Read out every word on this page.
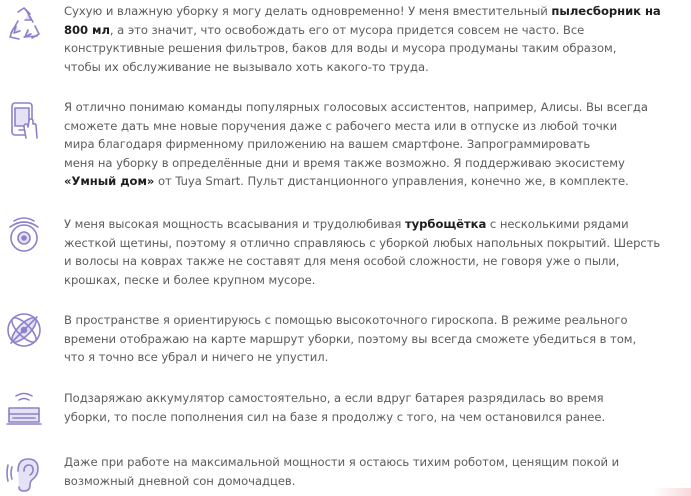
Сухую и влажную уборку я могу делать одновременно! У меня вместительный пылесборник на
800 мл, а это значит, что освобождать его от мусора придется совсем не часто. Все
конструктивные решения фильтров, баков для воды и мусора продуманы таким образом,
чтобы их обслуживание не вызывало хоть какого-то труда.
Я отлично понимаю команды популярных голосовых ассистентов, например, Алисы. Вы всегда
сможете дать мне новые поручения даже с рабочего места или в отпуске из любой точки
мира благодаря фирменному приложению на вашем смартфоне. Запрограммировать
меня на уборку в определённые дни и время также возможно. Я поддерживаю экосистему
«Умный дом» от Tuya Smart. Пульт дистанционного управления, конечно же, в комплекте.
У меня высокая мощность всасывания и трудолюбивая турбощётка с несколькими рядами
жесткой щетины, поэтому я отлично справляюсь с уборкой любых напольных покрытий. Шерсть
и волосы на коврах также не составят для меня особой сложности, не говоря уже о пыли,
крошках, песке и более крупном мусоре.
В пространстве я ориентируюсь с помощью высокоточного гироскопа. В режиме реального
времени отображаю на карте маршрут уборки, поэтому вы всегда сможете убедиться в том,
что я точно все убрал и ничего не упустил.
Подзаряжаю аккумулятор самостоятельно, а если вдруг батарея разрядилась во время
уборки, то после пополнения сил на базе я продолжу с того, на чем остановился ранее.
Даже при работе на максимальной мощности я остаюсь тихим роботом, ценящим покой и
возможный дневной сон домочадцев.
